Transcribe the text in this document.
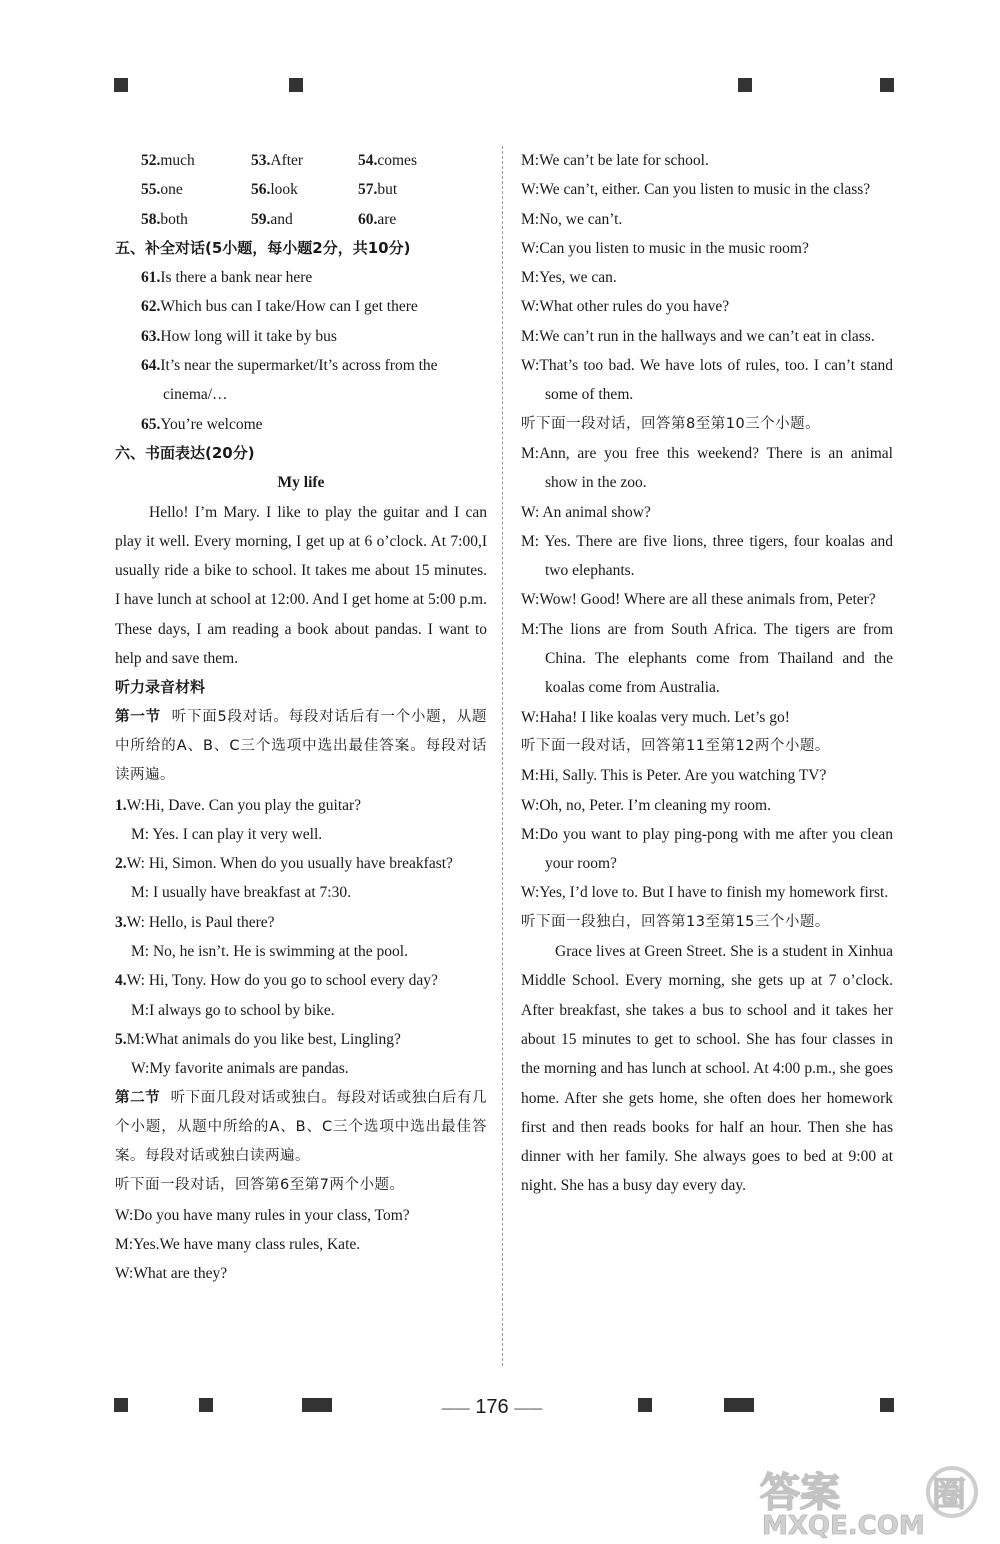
52.much	53.After	54.comes
55.one	56.look	57.but
58.both	59.and	60.are
五、补全对话(5小题，每小题2分，共10分)
61.Is there a bank near here
62.Which bus can I take/How can I get there
63.How long will it take by bus
64.It’s near the supermarket/It’s across from the cinema/…
65.You’re welcome
六、书面表达(20分)
My life
Hello! I’m Mary. I like to play the guitar and I can play it well. Every morning, I get up at 6 o’clock. At 7:00,I usually ride a bike to school. It takes me about 15 minutes. I have lunch at school at 12:00. And I get home at 5:00 p.m. These days, I am reading a book about pandas. I want to help and save them.
听力录音材料
第一节 听下面5段对话。每段对话后有一个小题，从题中所给的A、B、C三个选项中选出最佳答案。每段对话读两遍。
1.W:Hi, Dave. Can you play the guitar?
M: Yes. I can play it very well.
2.W: Hi, Simon. When do you usually have breakfast?
M: I usually have breakfast at 7:30.
3.W: Hello, is Paul there?
M: No, he isn’t. He is swimming at the pool.
4.W: Hi, Tony. How do you go to school every day?
M:I always go to school by bike.
5.M:What animals do you like best, Lingling?
W:My favorite animals are pandas.
第二节 听下面几段对话或独白。每段对话或独白后有几个小题，从题中所给的A、B、C三个选项中选出最佳答案。每段对话或独白读两遍。
听下面一段对话，回答第6至第7两个小题。
W:Do you have many rules in your class, Tom?
M:Yes.We have many class rules, Kate.
W:What are they?
M:We can’t be late for school.
W:We can’t, either. Can you listen to music in the class?
M:No, we can’t.
W:Can you listen to music in the music room?
M:Yes, we can.
W:What other rules do you have?
M:We can’t run in the hallways and we can’t eat in class.
W:That’s too bad. We have lots of rules, too. I can’t stand some of them.
听下面一段对话，回答第8至第10三个小题。
M:Ann, are you free this weekend? There is an animal show in the zoo.
W: An animal show?
M: Yes. There are five lions, three tigers, four koalas and two elephants.
W:Wow! Good! Where are all these animals from, Peter?
M:The lions are from South Africa. The tigers are from China. The elephants come from Thailand and the koalas come from Australia.
W:Haha! I like koalas very much. Let’s go!
听下面一段对话，回答第11至第12两个小题。
M:Hi, Sally. This is Peter. Are you watching TV?
W:Oh, no, Peter. I’m cleaning my room.
M:Do you want to play ping-pong with me after you clean your room?
W:Yes, I’d love to. But I have to finish my homework first.
听下面一段独白，回答第13至第15三个小题。
Grace lives at Green Street. She is a student in Xinhua Middle School. Every morning, she gets up at 7 o’clock. After breakfast, she takes a bus to school and it takes her about 15 minutes to get to school. She has four classes in the morning and has lunch at school. At 4:00 p.m., she goes home. After she gets home, she often does her homework first and then reads books for half an hour. Then she has dinner with her family. She always goes to bed at 9:00 at night. She has a busy day every day.
—— 176 ——
答案	圈
MXQE.COM
